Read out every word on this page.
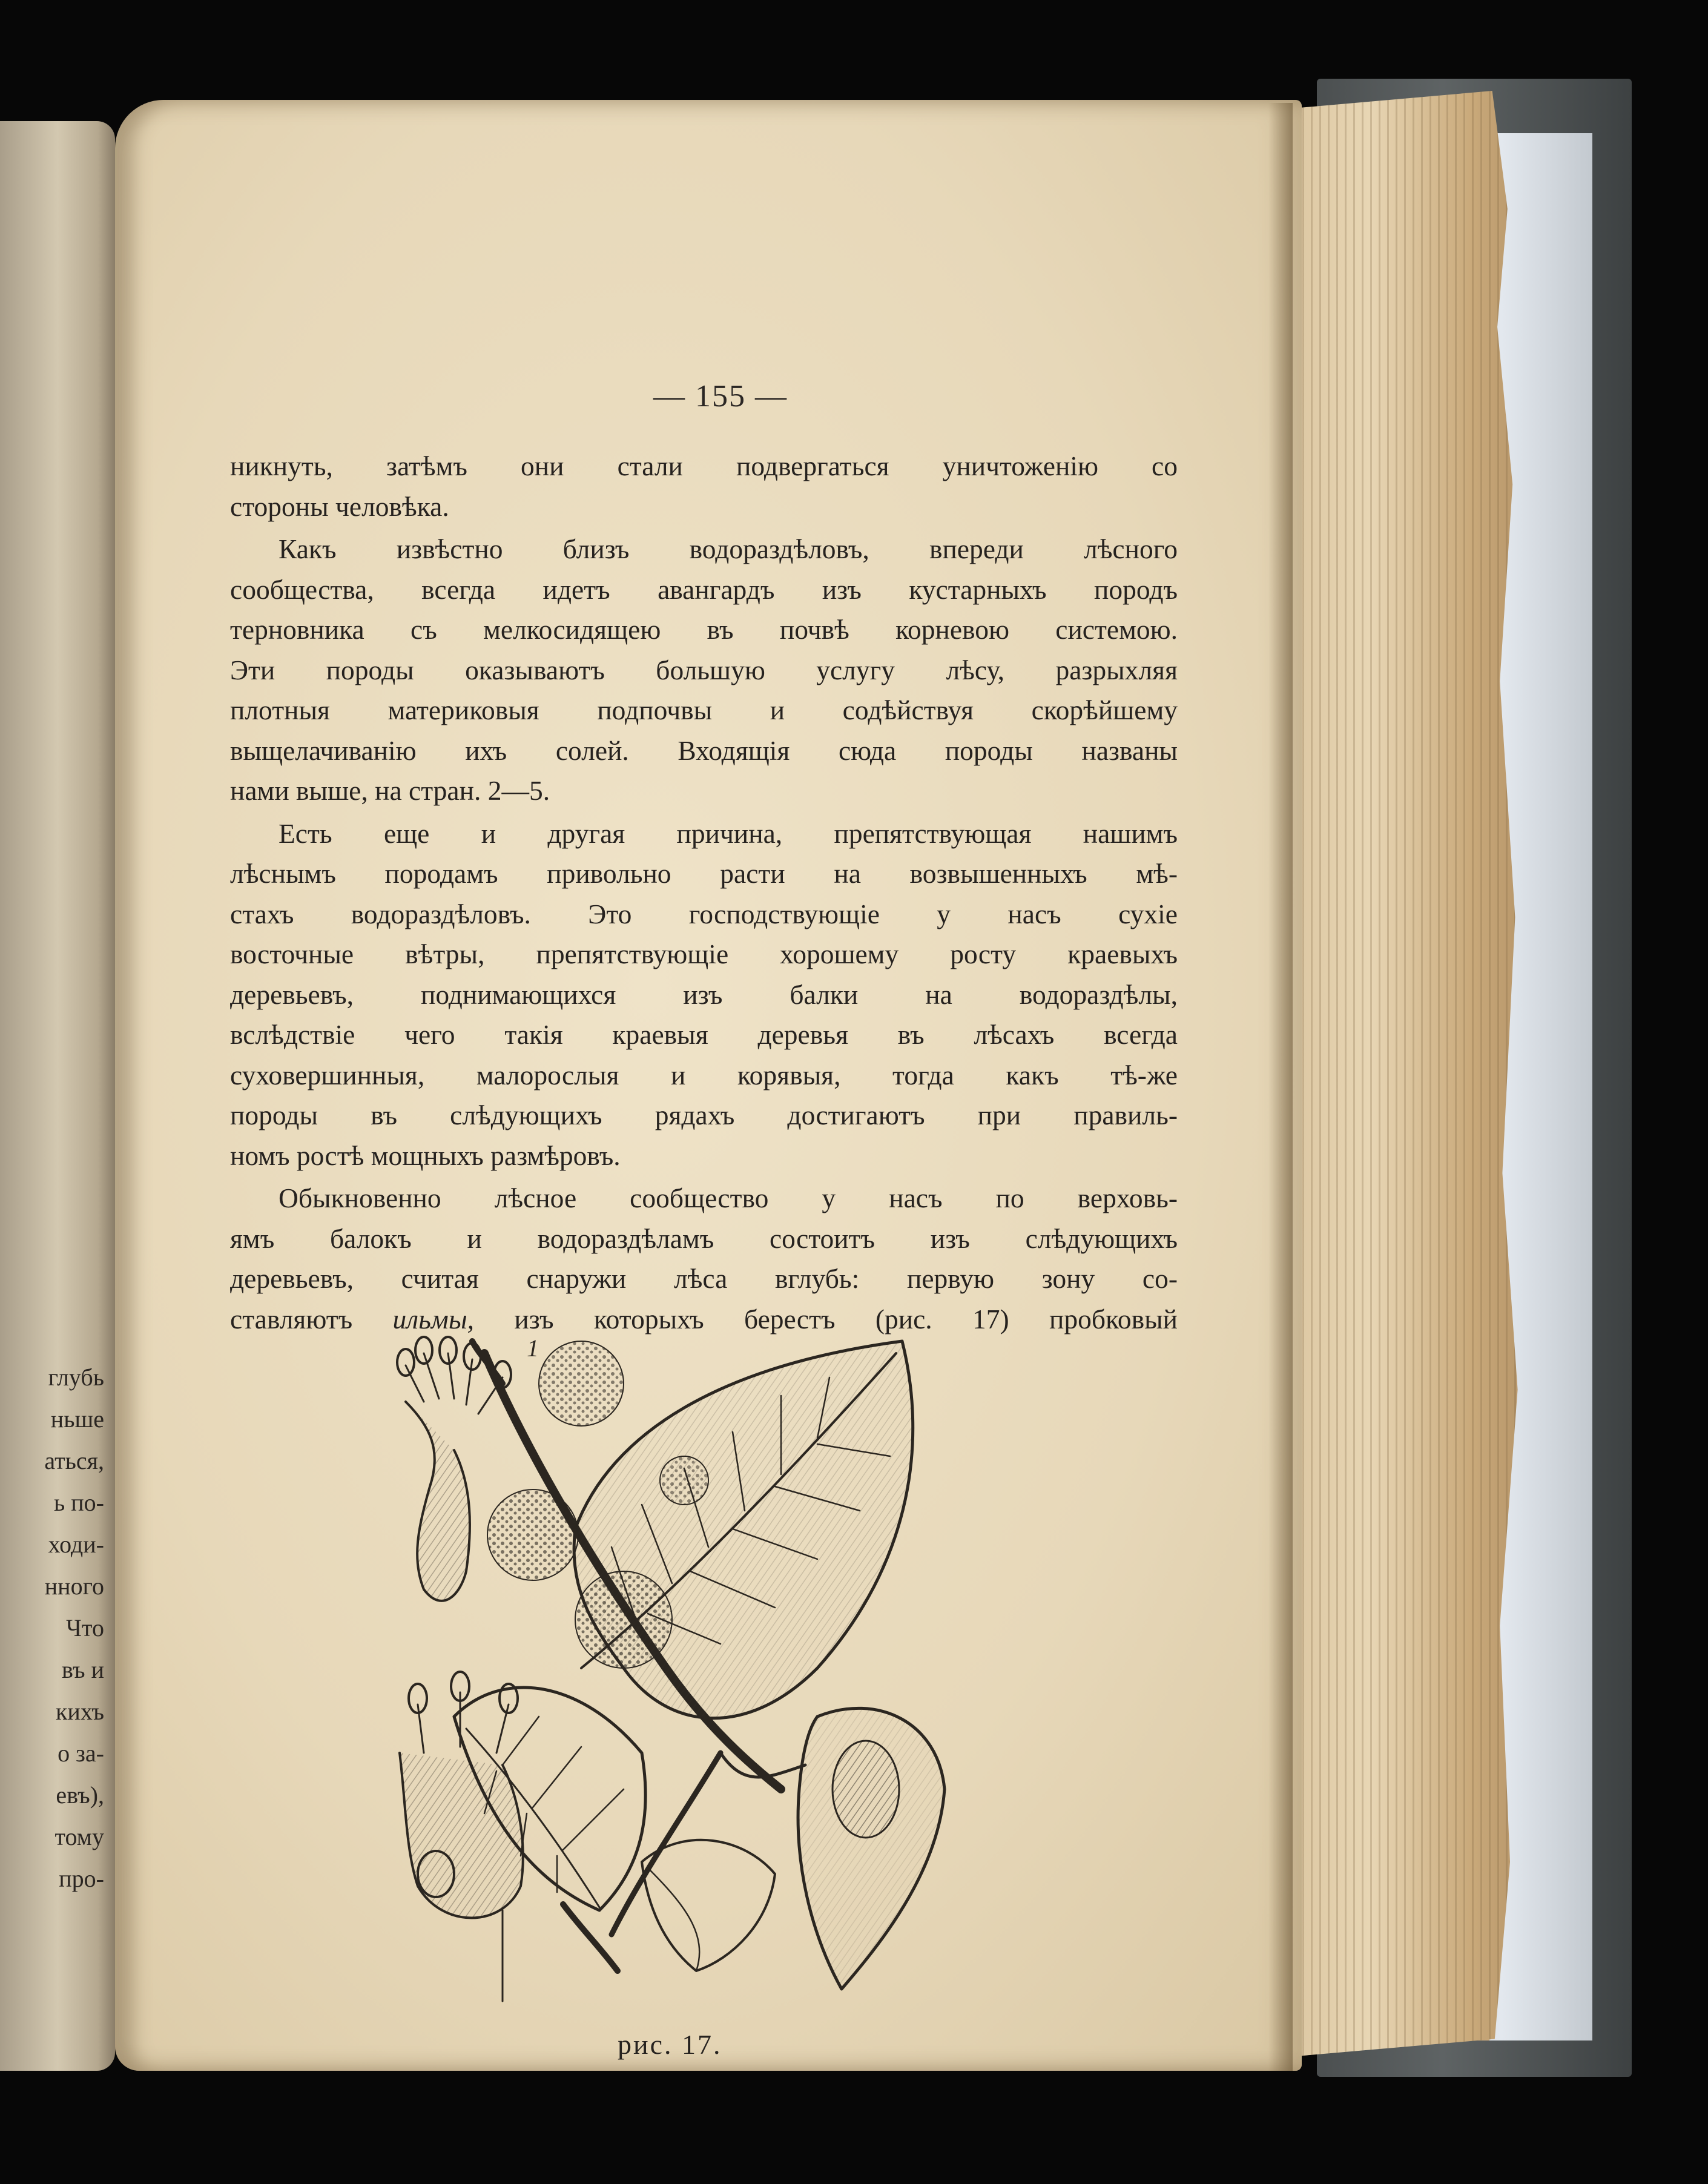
глубь
ньше
аться,
ь по-
ходи-
нного
Что
въ и
кихъ
о за-
евъ),
тому
про-
— 155 —
никнуть, затѣмъ они стали подвергаться уничтоженію со
стороны человѣка.
Какъ извѣстно близъ водораздѣловъ, впереди лѣсного
сообщества, всегда идетъ авангардъ изъ кустарныхъ породъ
терновника съ мелкосидящею въ почвѣ корневою системою.
Эти породы оказываютъ большую услугу лѣсу, разрыхляя
плотныя материковыя подпочвы и содѣйствуя скорѣйшему
выщелачиванію ихъ солей. Входящія сюда породы названы
нами выше, на стран. 2—5.
Есть еще и другая причина, препятствующая нашимъ
лѣснымъ породамъ привольно расти на возвышенныхъ мѣ-
стахъ водораздѣловъ. Это господствующіе у насъ сухіе
восточные вѣтры, препятствующіе хорошему росту краевыхъ
деревьевъ, поднимающихся изъ балки на водораздѣлы,
вслѣдствіе чего такія краевыя деревья въ лѣсахъ всегда
суховершинныя, малорослыя и корявыя, тогда какъ тѣ-же
породы въ слѣдующихъ рядахъ достигаютъ при правиль-
номъ ростѣ мощныхъ размѣровъ.
Обыкновенно лѣсное сообщество у насъ по верховь-
ямъ балокъ и водораздѣламъ состоитъ изъ слѣдующихъ
деревьевъ, считая снаружи лѣса вглубь: первую зону со-
ставляютъ ильмы, изъ которыхъ берестъ (рис. 17) пробковый
1
рис. 17.
